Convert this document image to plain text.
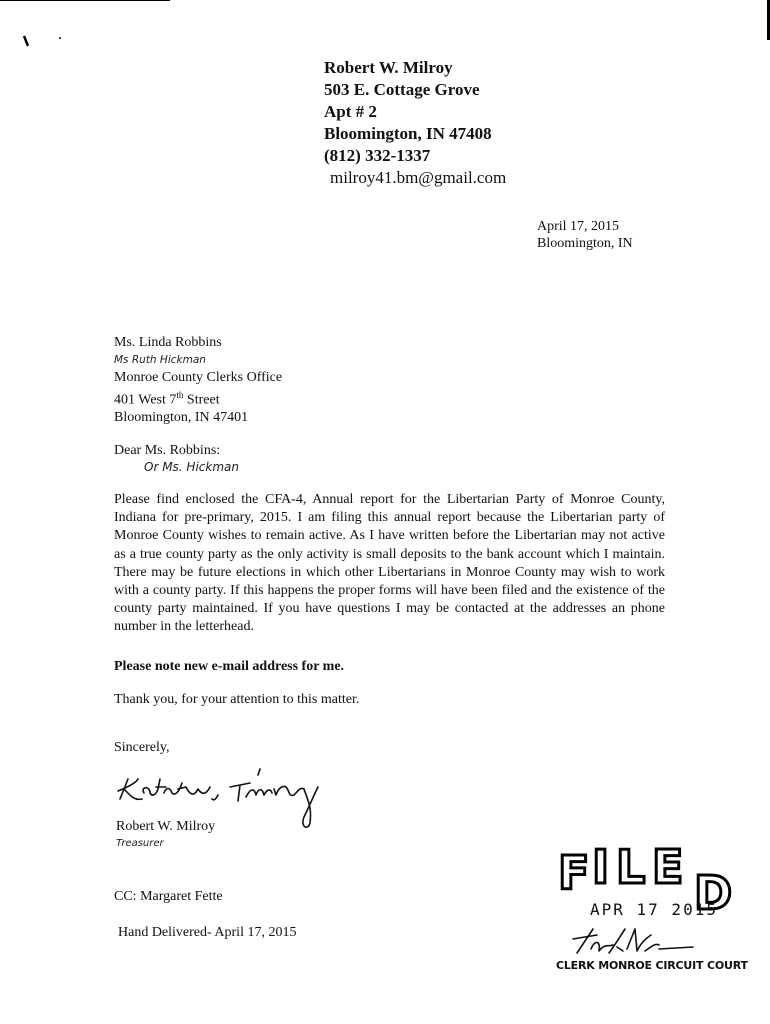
Robert W. Milroy
503 E. Cottage Grove
Apt # 2
Bloomington, IN 47408
(812) 332-1337
milroy41.bm@gmail.com
April 17, 2015
Bloomington, IN
Ms. Linda Robbins
Ms Ruth Hickman
Monroe County Clerks Office
401 West 7th Street
Bloomington, IN 47401
Dear Ms. Robbins:
Or Ms. Hickman
Please find enclosed the CFA-4, Annual report for the Libertarian Party of Monroe County, Indiana for pre-primary, 2015. I am filing this annual report because the Libertarian party of Monroe County wishes to remain active. As I have written before the Libertarian may not active as a true county party as the only activity is small deposits to the bank account which I maintain. There may be future elections in which other Libertarians in Monroe County may wish to work with a county party. If this happens the proper forms will have been filed and the existence of the county party maintained. If you have questions I may be contacted at the addresses an phone number in the letterhead.
Please note new e-mail address for me.
Thank you, for your attention to this matter.
Sincerely,
Robert W. Milroy
Treasurer
CC: Margaret Fette
Hand Delivered- April 17, 2015
F I L E D
APR 17 2015
CLERK MONROE CIRCUIT COURT
